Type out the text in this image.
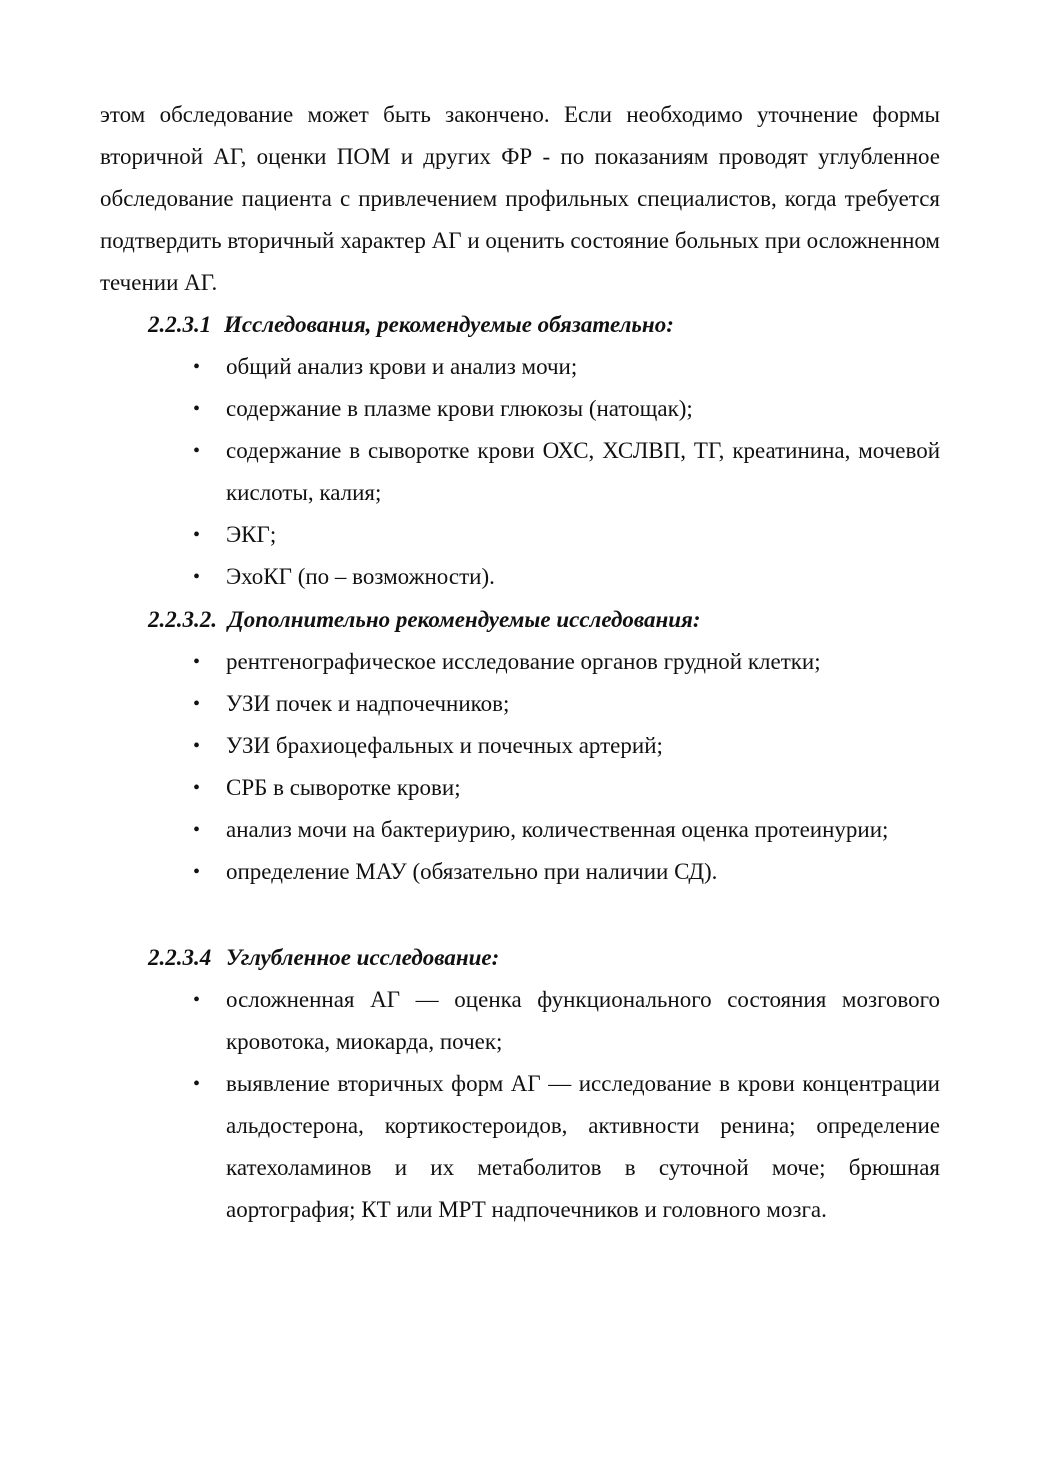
этом обследование может быть закончено. Если необходимо уточнение формы вторичной АГ, оценки ПОМ и других ФР - по показаниям проводят углубленное обследование пациента с привлечением профильных специалистов, когда требуется подтвердить вторичный характер АГ и оценить состояние больных при осложненном течении АГ.

2.2.3.1 Исследования, рекомендуемые обязательно:

• общий анализ крови и анализ мочи;
• содержание в плазме крови глюкозы (натощак);
• содержание в сыворотке крови ОХС, ХСЛВП, ТГ, креатинина, мочевой кислоты, калия;
• ЭКГ;
• ЭхоКГ (по – возможности).

2.2.3.2. Дополнительно рекомендуемые исследования:

• рентгенографическое исследование органов грудной клетки;
• УЗИ почек и надпочечников;
• УЗИ брахиоцефальных и почечных артерий;
• СРБ в сыворотке крови;
• анализ мочи на бактериурию, количественная оценка протеинурии;
• определение МАУ (обязательно при наличии СД).

2.2.3.4 Углубленное исследование:

• осложненная АГ — оценка функционального состояния мозгового кровотока, миокарда, почек;
• выявление вторичных форм АГ — исследование в крови концентрации альдостерона, кортикостероидов, активности ренина; определение катехоламинов и их метаболитов в суточной моче; брюшная аортография; КТ или МРТ надпочечников и головного мозга.
